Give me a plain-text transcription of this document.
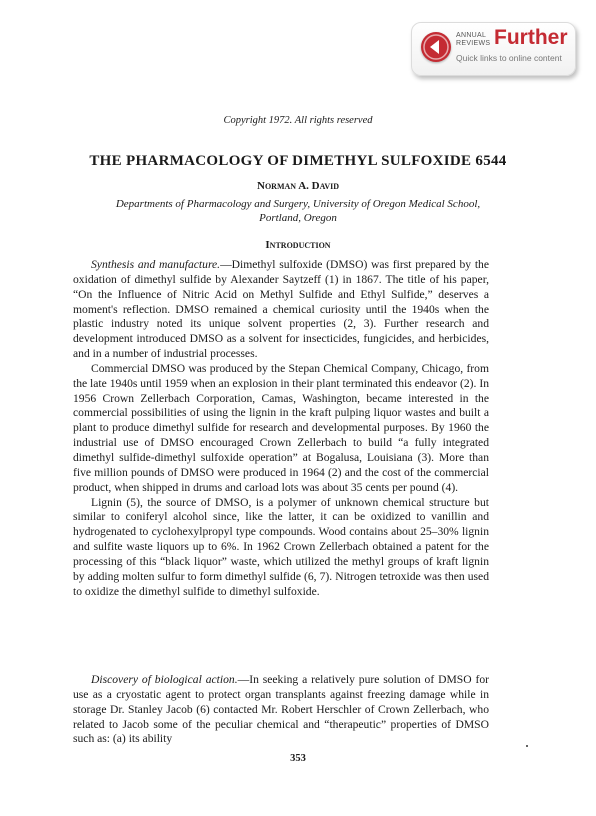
ANNUAL
REVIEWS Further
Quick links to online content
Copyright 1972. All rights reserved
THE PHARMACOLOGY OF DIMETHYL SULFOXIDE 6544
Norman A. David
Departments of Pharmacology and Surgery, University of Oregon Medical School,
Portland, Oregon
Introduction

Synthesis and manufacture.—Dimethyl sulfoxide (DMSO) was first prepared by the oxidation of dimethyl sulfide by Alexander Saytzeff (1) in 1867. The title of his paper, “On the Influence of Nitric Acid on Methyl Sulfide and Ethyl Sulfide,” deserves a moment's reflection. DMSO remained a chemical curiosity until the 1940s when the plastic industry noted its unique solvent properties (2, 3). Further research and development introduced DMSO as a solvent for insecticides, fungicides, and herbicides, and in a number of industrial processes.

Commercial DMSO was produced by the Stepan Chemical Company, Chicago, from the late 1940s until 1959 when an explosion in their plant terminated this endeavor (2). In 1956 Crown Zellerbach Corporation, Camas, Washington, became interested in the commercial possibilities of using the lignin in the kraft pulping liquor wastes and built a plant to produce dimethyl sulfide for research and developmental purposes. By 1960 the industrial use of DMSO encouraged Crown Zellerbach to build “a fully integrated dimethyl sulfide-dimethyl sulfoxide operation” at Bogalusa, Louisiana (3). More than five million pounds of DMSO were produced in 1964 (2) and the cost of the commercial product, when shipped in drums and carload lots was about 35 cents per pound (4).

Lignin (5), the source of DMSO, is a polymer of unknown chemical structure but similar to coniferyl alcohol since, like the latter, it can be oxidized to vanillin and hydrogenated to cyclohexylpropyl type compounds. Wood contains about 25–30% lignin and sulfite waste liquors up to 6%. In 1962 Crown Zellerbach obtained a patent for the processing of this “black liquor” waste, which utilized the methyl groups of kraft lignin by adding molten sulfur to form dimethyl sulfide (6, 7). Nitrogen tetroxide was then used to oxidize the dimethyl sulfide to dimethyl sulfoxide.

Discovery of biological action.—In seeking a relatively pure solution of DMSO for use as a cryostatic agent to protect organ transplants against freezing damage while in storage Dr. Stanley Jacob (6) contacted Mr. Robert Herschler of Crown Zellerbach, who related to Jacob some of the peculiar chemical and “therapeutic” properties of DMSO such as: (a) its ability

353
